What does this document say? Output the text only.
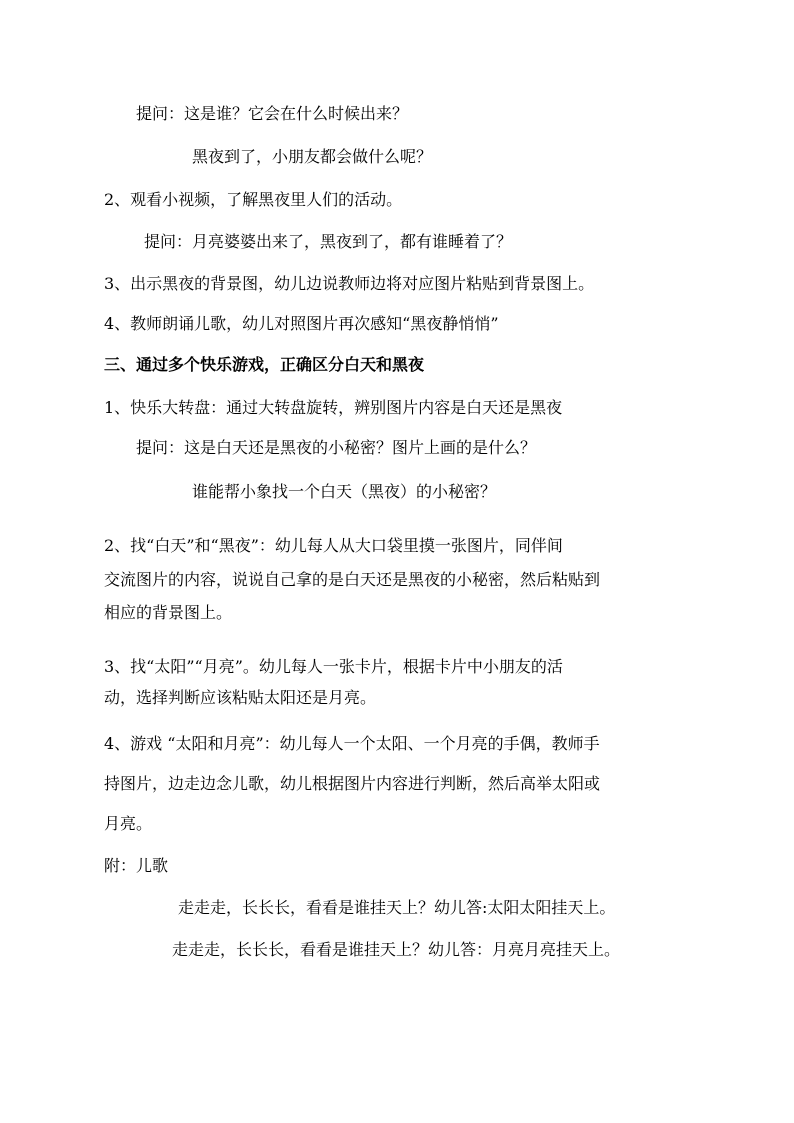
提问：这是谁？它会在什么时候出来？
黑夜到了，小朋友都会做什么呢？
2、观看小视频，了解黑夜里人们的活动。
提问：月亮婆婆出来了，黑夜到了，都有谁睡着了？
3、出示黑夜的背景图，幼儿边说教师边将对应图片粘贴到背景图上。
4、教师朗诵儿歌，幼儿对照图片再次感知“黑夜静悄悄”
三、通过多个快乐游戏，正确区分白天和黑夜
1、快乐大转盘：通过大转盘旋转，辨别图片内容是白天还是黑夜
提问：这是白天还是黑夜的小秘密？图片上画的是什么？
谁能帮小象找一个白天（黑夜）的小秘密？
2、找“白天”和“黑夜”：幼儿每人从大口袋里摸一张图片，同伴间
交流图片的内容，说说自己拿的是白天还是黑夜的小秘密，然后粘贴到
相应的背景图上。
3、找“太阳”“月亮”。幼儿每人一张卡片，根据卡片中小朋友的活
动，选择判断应该粘贴太阳还是月亮。
4、游戏 “太阳和月亮”：幼儿每人一个太阳、一个月亮的手偶，教师手
持图片，边走边念儿歌，幼儿根据图片内容进行判断，然后高举太阳或
月亮。
附：儿歌
走走走，长长长，看看是谁挂天上？幼儿答:太阳太阳挂天上。
走走走，长长长，看看是谁挂天上？幼儿答：月亮月亮挂天上。
